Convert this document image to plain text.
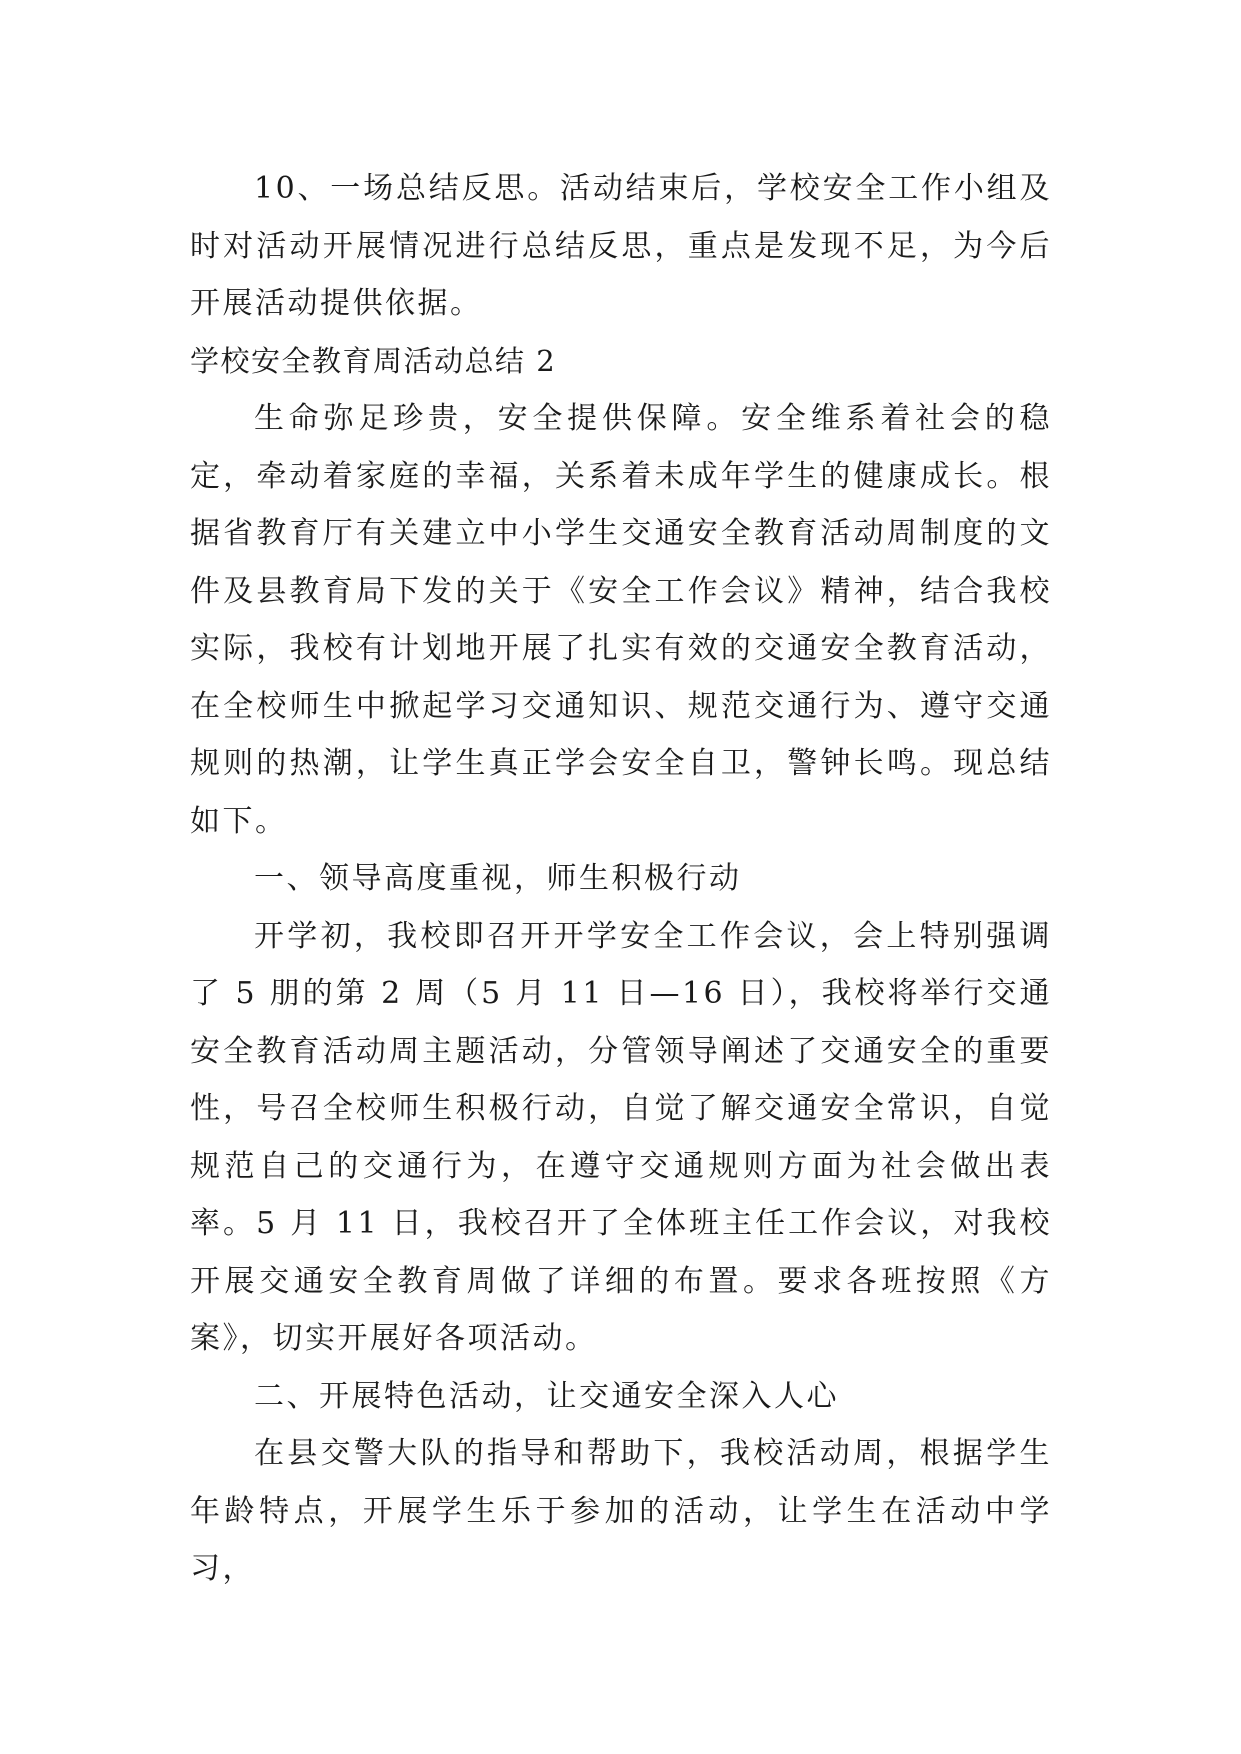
10、一场总结反思。活动结束后，学校安全工作小组及时对活动开展情况进行总结反思，重点是发现不足，为今后开展活动提供依据。

学校安全教育周活动总结 2

生命弥足珍贵，安全提供保障。安全维系着社会的稳定，牵动着家庭的幸福，关系着未成年学生的健康成长。根据省教育厅有关建立中小学生交通安全教育活动周制度的文件及县教育局下发的关于《安全工作会议》精神，结合我校实际，我校有计划地开展了扎实有效的交通安全教育活动，在全校师生中掀起学习交通知识、规范交通行为、遵守交通规则的热潮，让学生真正学会安全自卫，警钟长鸣。现总结如下。

一、领导高度重视，师生积极行动

开学初，我校即召开开学安全工作会议，会上特别强调了 5 朋的第 2 周（5 月 11 日—16 日），我校将举行交通安全教育活动周主题活动，分管领导阐述了交通安全的重要性，号召全校师生积极行动，自觉了解交通安全常识，自觉规范自己的交通行为，在遵守交通规则方面为社会做出表率。5 月 11 日，我校召开了全体班主任工作会议，对我校开展交通安全教育周做了详细的布置。要求各班按照《方案》，切实开展好各项活动。

二、开展特色活动，让交通安全深入人心

在县交警大队的指导和帮助下，我校活动周，根据学生年龄特点，开展学生乐于参加的活动，让学生在活动中学习，
